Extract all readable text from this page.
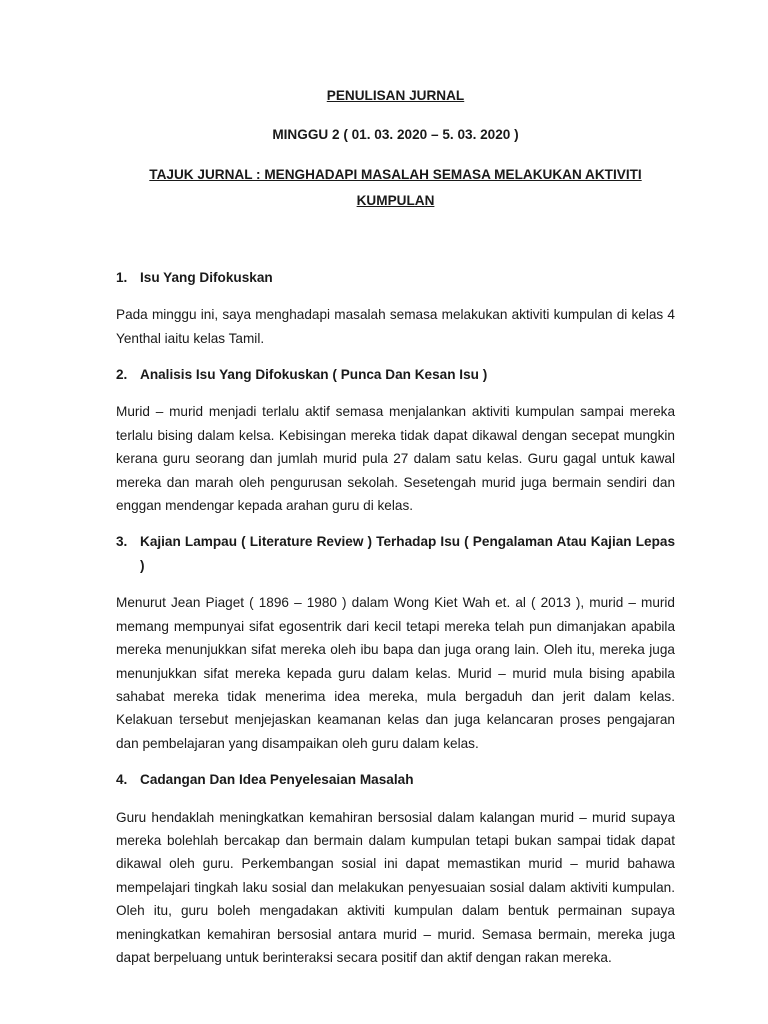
PENULISAN JURNAL

MINGGU 2 ( 01. 03. 2020 – 5. 03. 2020 )

TAJUK JURNAL : MENGHADAPI MASALAH SEMASA MELAKUKAN AKTIVITI KUMPULAN

1. Isu Yang Difokuskan

Pada minggu ini, saya menghadapi masalah semasa melakukan aktiviti kumpulan di kelas 4 Yenthal iaitu kelas Tamil.

2. Analisis Isu Yang Difokuskan ( Punca Dan Kesan Isu )

Murid – murid menjadi terlalu aktif semasa menjalankan aktiviti kumpulan sampai mereka terlalu bising dalam kelsa. Kebisingan mereka tidak dapat dikawal dengan secepat mungkin kerana guru seorang dan jumlah murid pula 27 dalam satu kelas. Guru gagal untuk kawal mereka dan marah oleh pengurusan sekolah. Sesetengah murid juga bermain sendiri dan enggan mendengar kepada arahan guru di kelas.

3. Kajian Lampau ( Literature Review ) Terhadap Isu ( Pengalaman Atau Kajian Lepas )

Menurut Jean Piaget ( 1896 – 1980 ) dalam Wong Kiet Wah et. al ( 2013 ), murid – murid memang mempunyai sifat egosentrik dari kecil tetapi mereka telah pun dimanjakan apabila mereka menunjukkan sifat mereka oleh ibu bapa dan juga orang lain. Oleh itu, mereka juga menunjukkan sifat mereka kepada guru dalam kelas. Murid – murid mula bising apabila sahabat mereka tidak menerima idea mereka, mula bergaduh dan jerit dalam kelas. Kelakuan tersebut menjejaskan keamanan kelas dan juga kelancaran proses pengajaran dan pembelajaran yang disampaikan oleh guru dalam kelas.

4. Cadangan Dan Idea Penyelesaian Masalah

Guru hendaklah meningkatkan kemahiran bersosial dalam kalangan murid – murid supaya mereka bolehlah bercakap dan bermain dalam kumpulan tetapi bukan sampai tidak dapat dikawal oleh guru. Perkembangan sosial ini dapat memastikan murid – murid bahawa mempelajari tingkah laku sosial dan melakukan penyesuaian sosial dalam aktiviti kumpulan. Oleh itu, guru boleh mengadakan aktiviti kumpulan dalam bentuk permainan supaya meningkatkan kemahiran bersosial antara murid – murid. Semasa bermain, mereka juga dapat berpeluang untuk berinteraksi secara positif dan aktif dengan rakan mereka.
